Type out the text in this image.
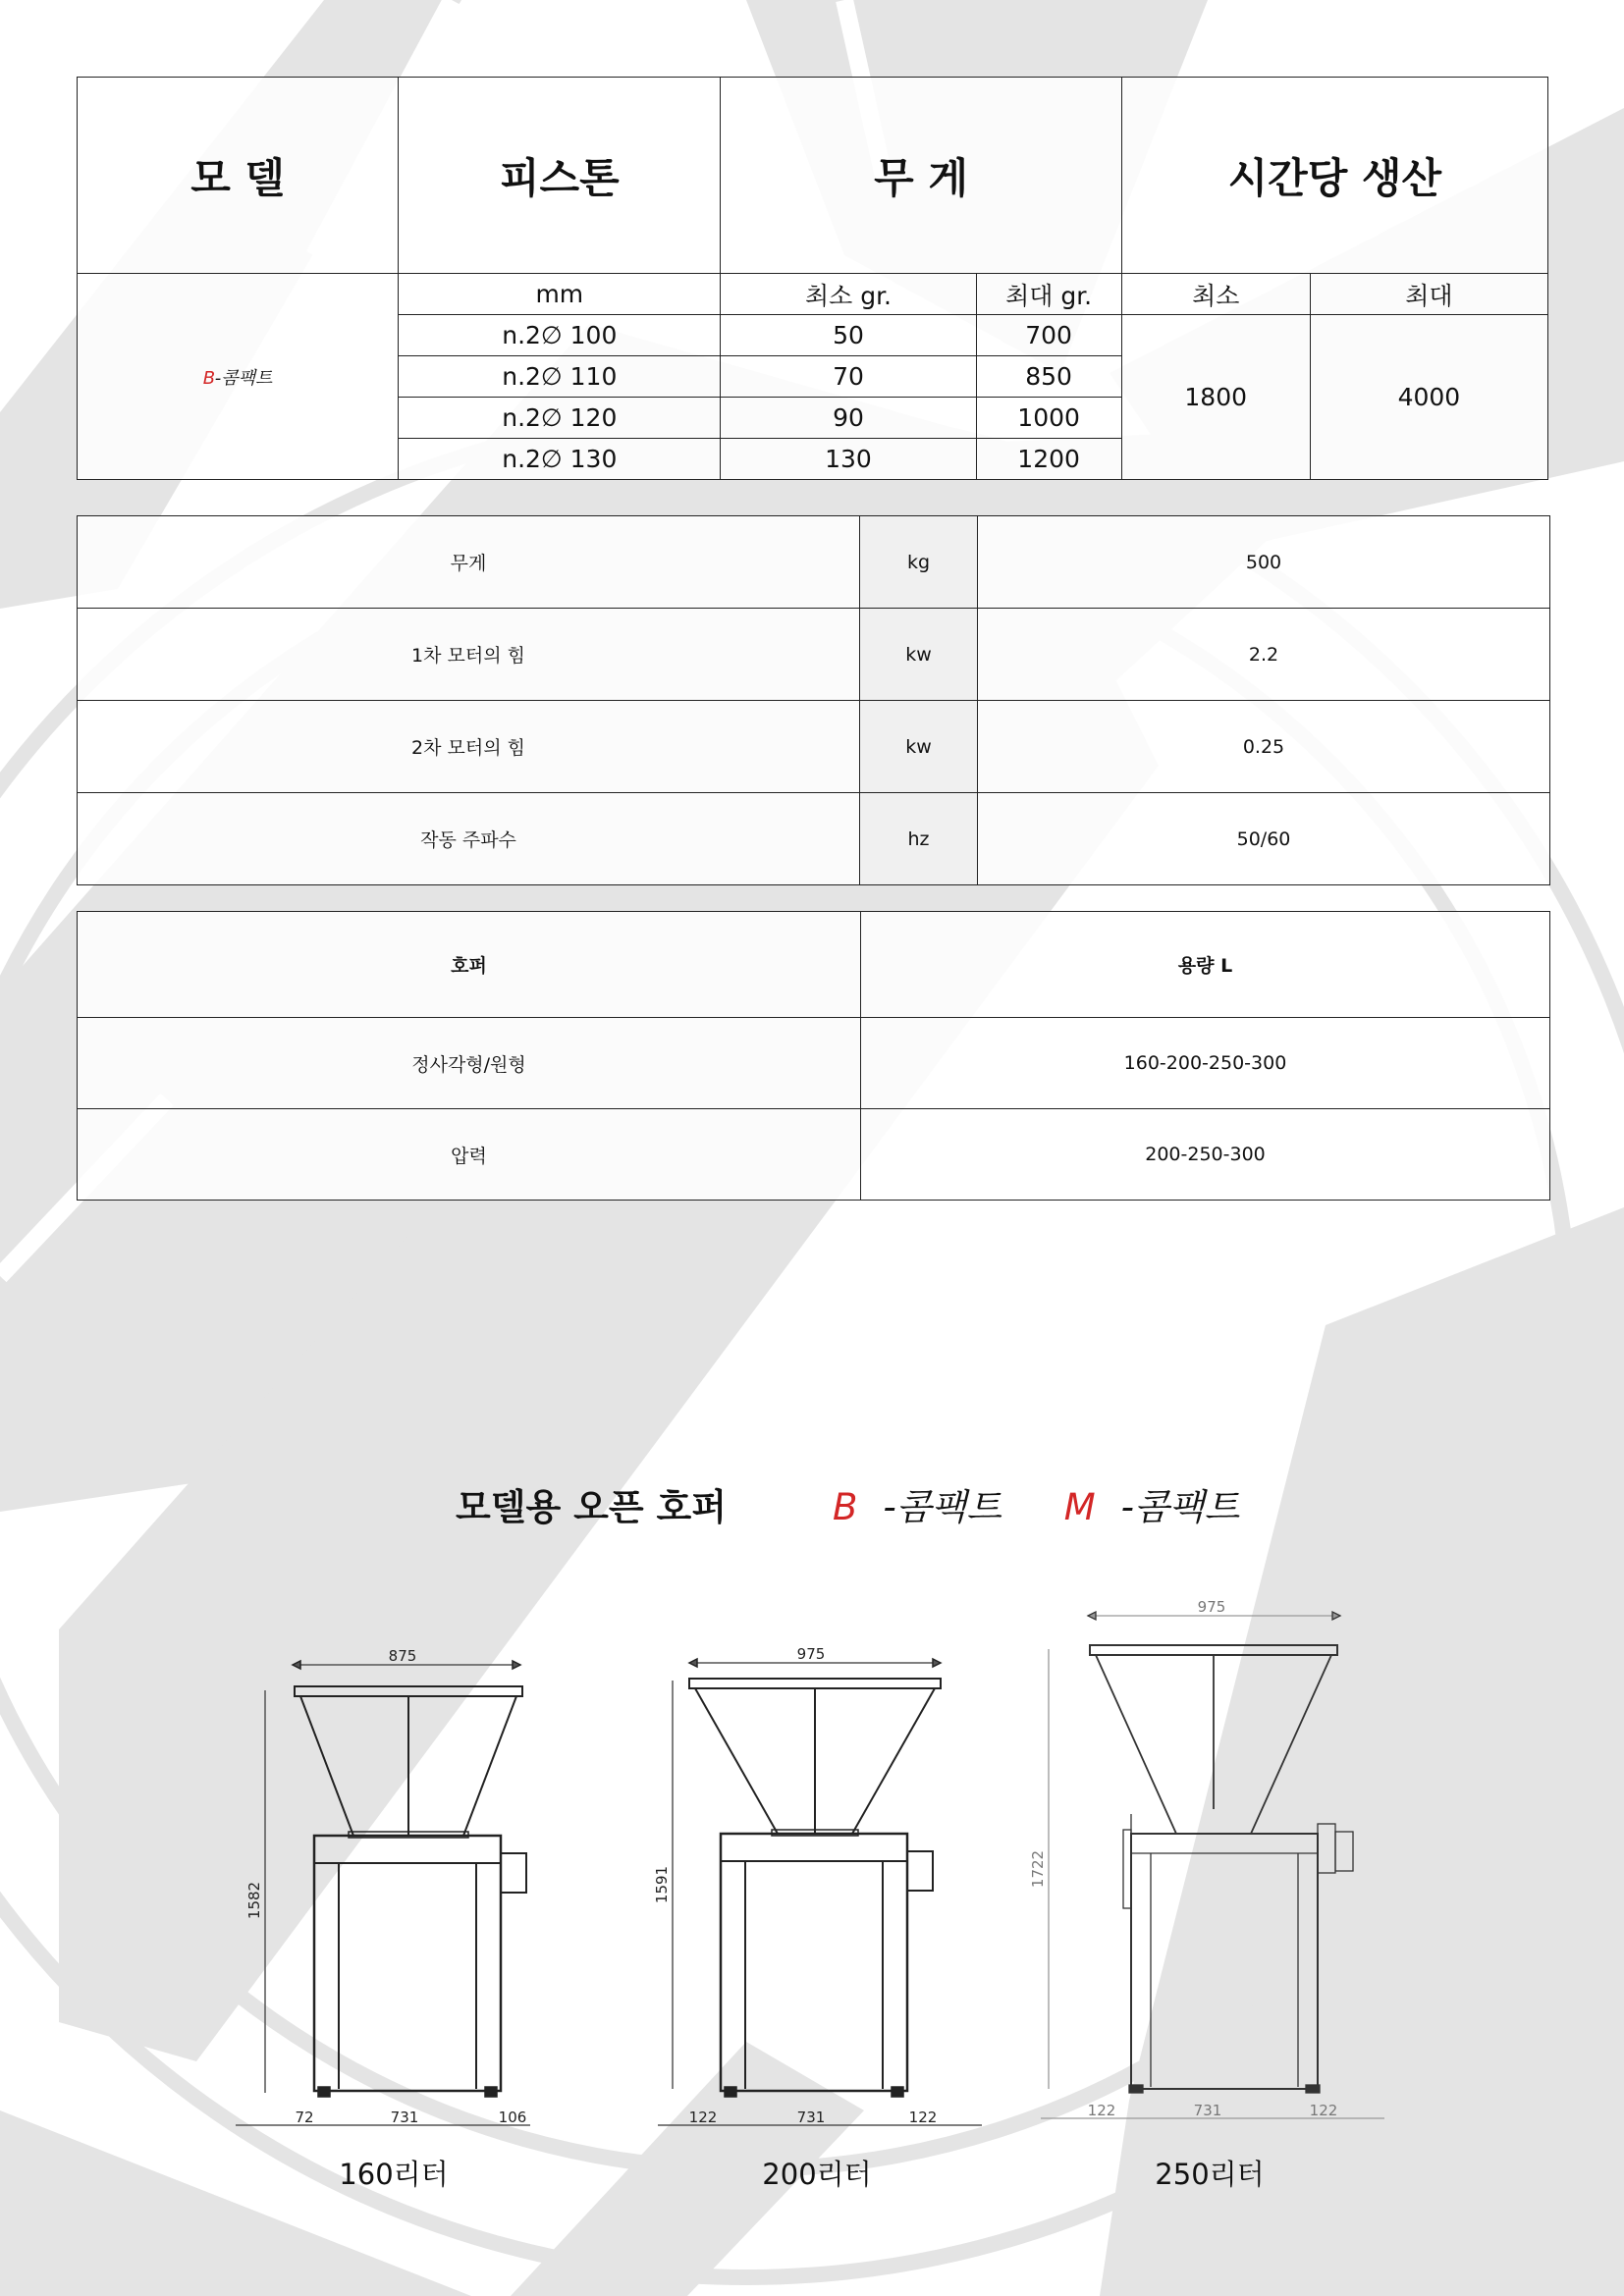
모 델	피스톤	무 게		시간당 생산	
B-콤팩트	mm	최소 gr.	최대 gr.	최소	최대
	n.2∅ 100	50	700	1800	4000
	n.2∅ 110	70	850		
	n.2∅ 120	90	1000		
	n.2∅ 130	130	1200		
무게	kg	500
1차 모터의 힘	kw	2.2
2차 모터의 힘	kw	0.25
작동 주파수	hz	50/60
호퍼	용량 L
정사각형/원형	160-200-250-300
압력	200-250-300
모델용 오픈 호퍼	B -콤팩트 M -콤팩트
875
1582
72	731	106
160리터
975
1591
122	731	122
200리터
975
1722
122	731	122
250리터
